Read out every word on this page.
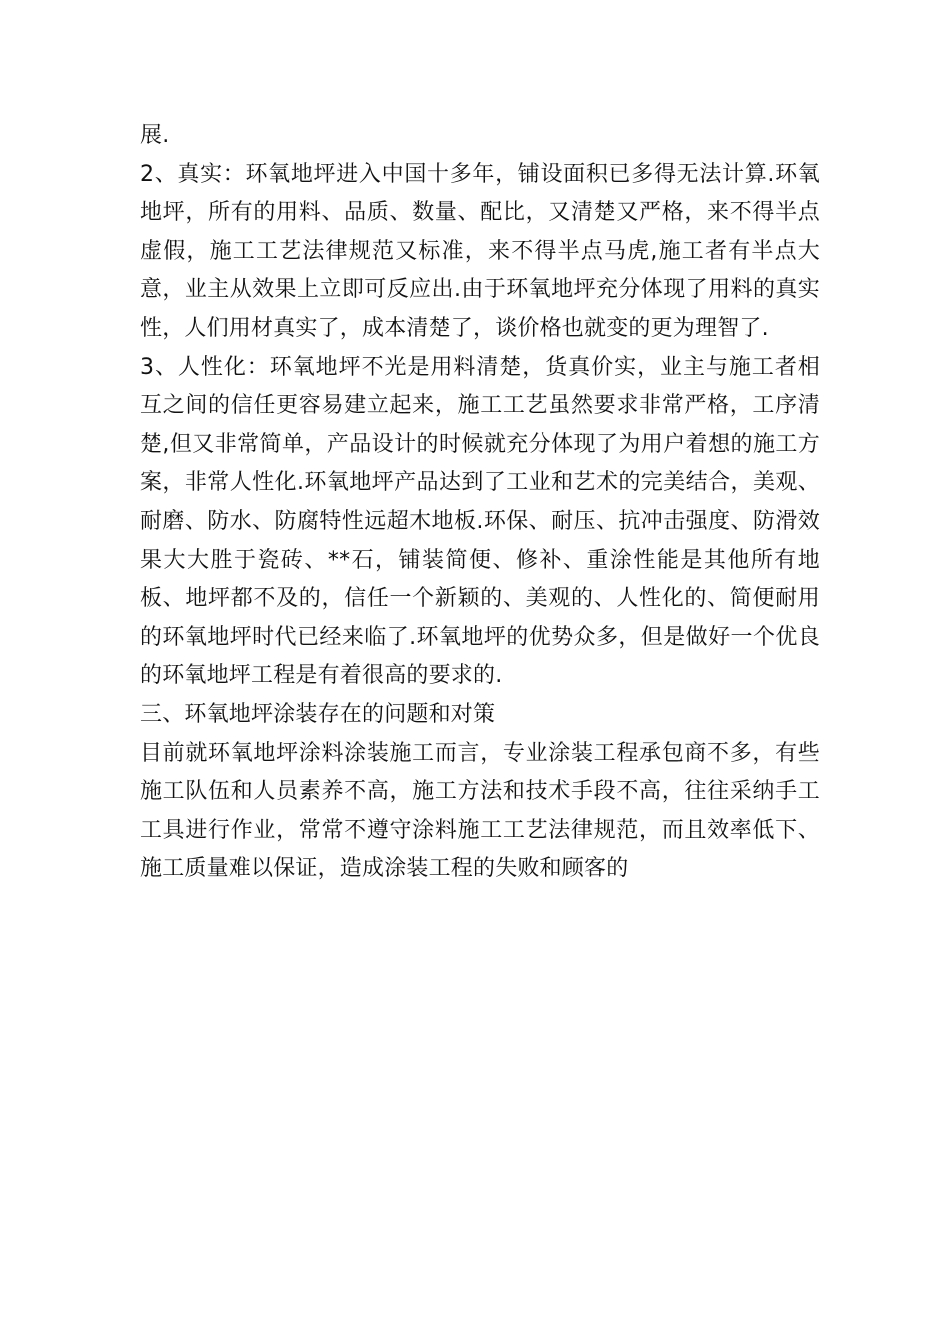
展.

2、真实：环氧地坪进入中国十多年，铺设面积已多得无法计算.环氧地坪，所有的用料、品质、数量、配比，又清楚又严格，来不得半点虚假，施工工艺法律规范又标准，来不得半点马虎,施工者有半点大意，业主从效果上立即可反应出.由于环氧地坪充分体现了用料的真实性，人们用材真实了，成本清楚了，谈价格也就变的更为理智了.

3、人性化：环氧地坪不光是用料清楚，货真价实，业主与施工者相互之间的信任更容易建立起来，施工工艺虽然要求非常严格，工序清楚,但又非常简单，产品设计的时候就充分体现了为用户着想的施工方案，非常人性化.环氧地坪产品达到了工业和艺术的完美结合，美观、耐磨、防水、防腐特性远超木地板.环保、耐压、抗冲击强度、防滑效果大大胜于瓷砖、**石，铺装简便、修补、重涂性能是其他所有地板、地坪都不及的，信任一个新颖的、美观的、人性化的、简便耐用的环氧地坪时代已经来临了.环氧地坪的优势众多，但是做好一个优良的环氧地坪工程是有着很高的要求的.

三、环氧地坪涂装存在的问题和对策

目前就环氧地坪涂料涂装施工而言，专业涂装工程承包商不多，有些施工队伍和人员素养不高，施工方法和技术手段不高，往往采纳手工工具进行作业，常常不遵守涂料施工工艺法律规范，而且效率低下、施工质量难以保证，造成涂装工程的失败和顾客的
